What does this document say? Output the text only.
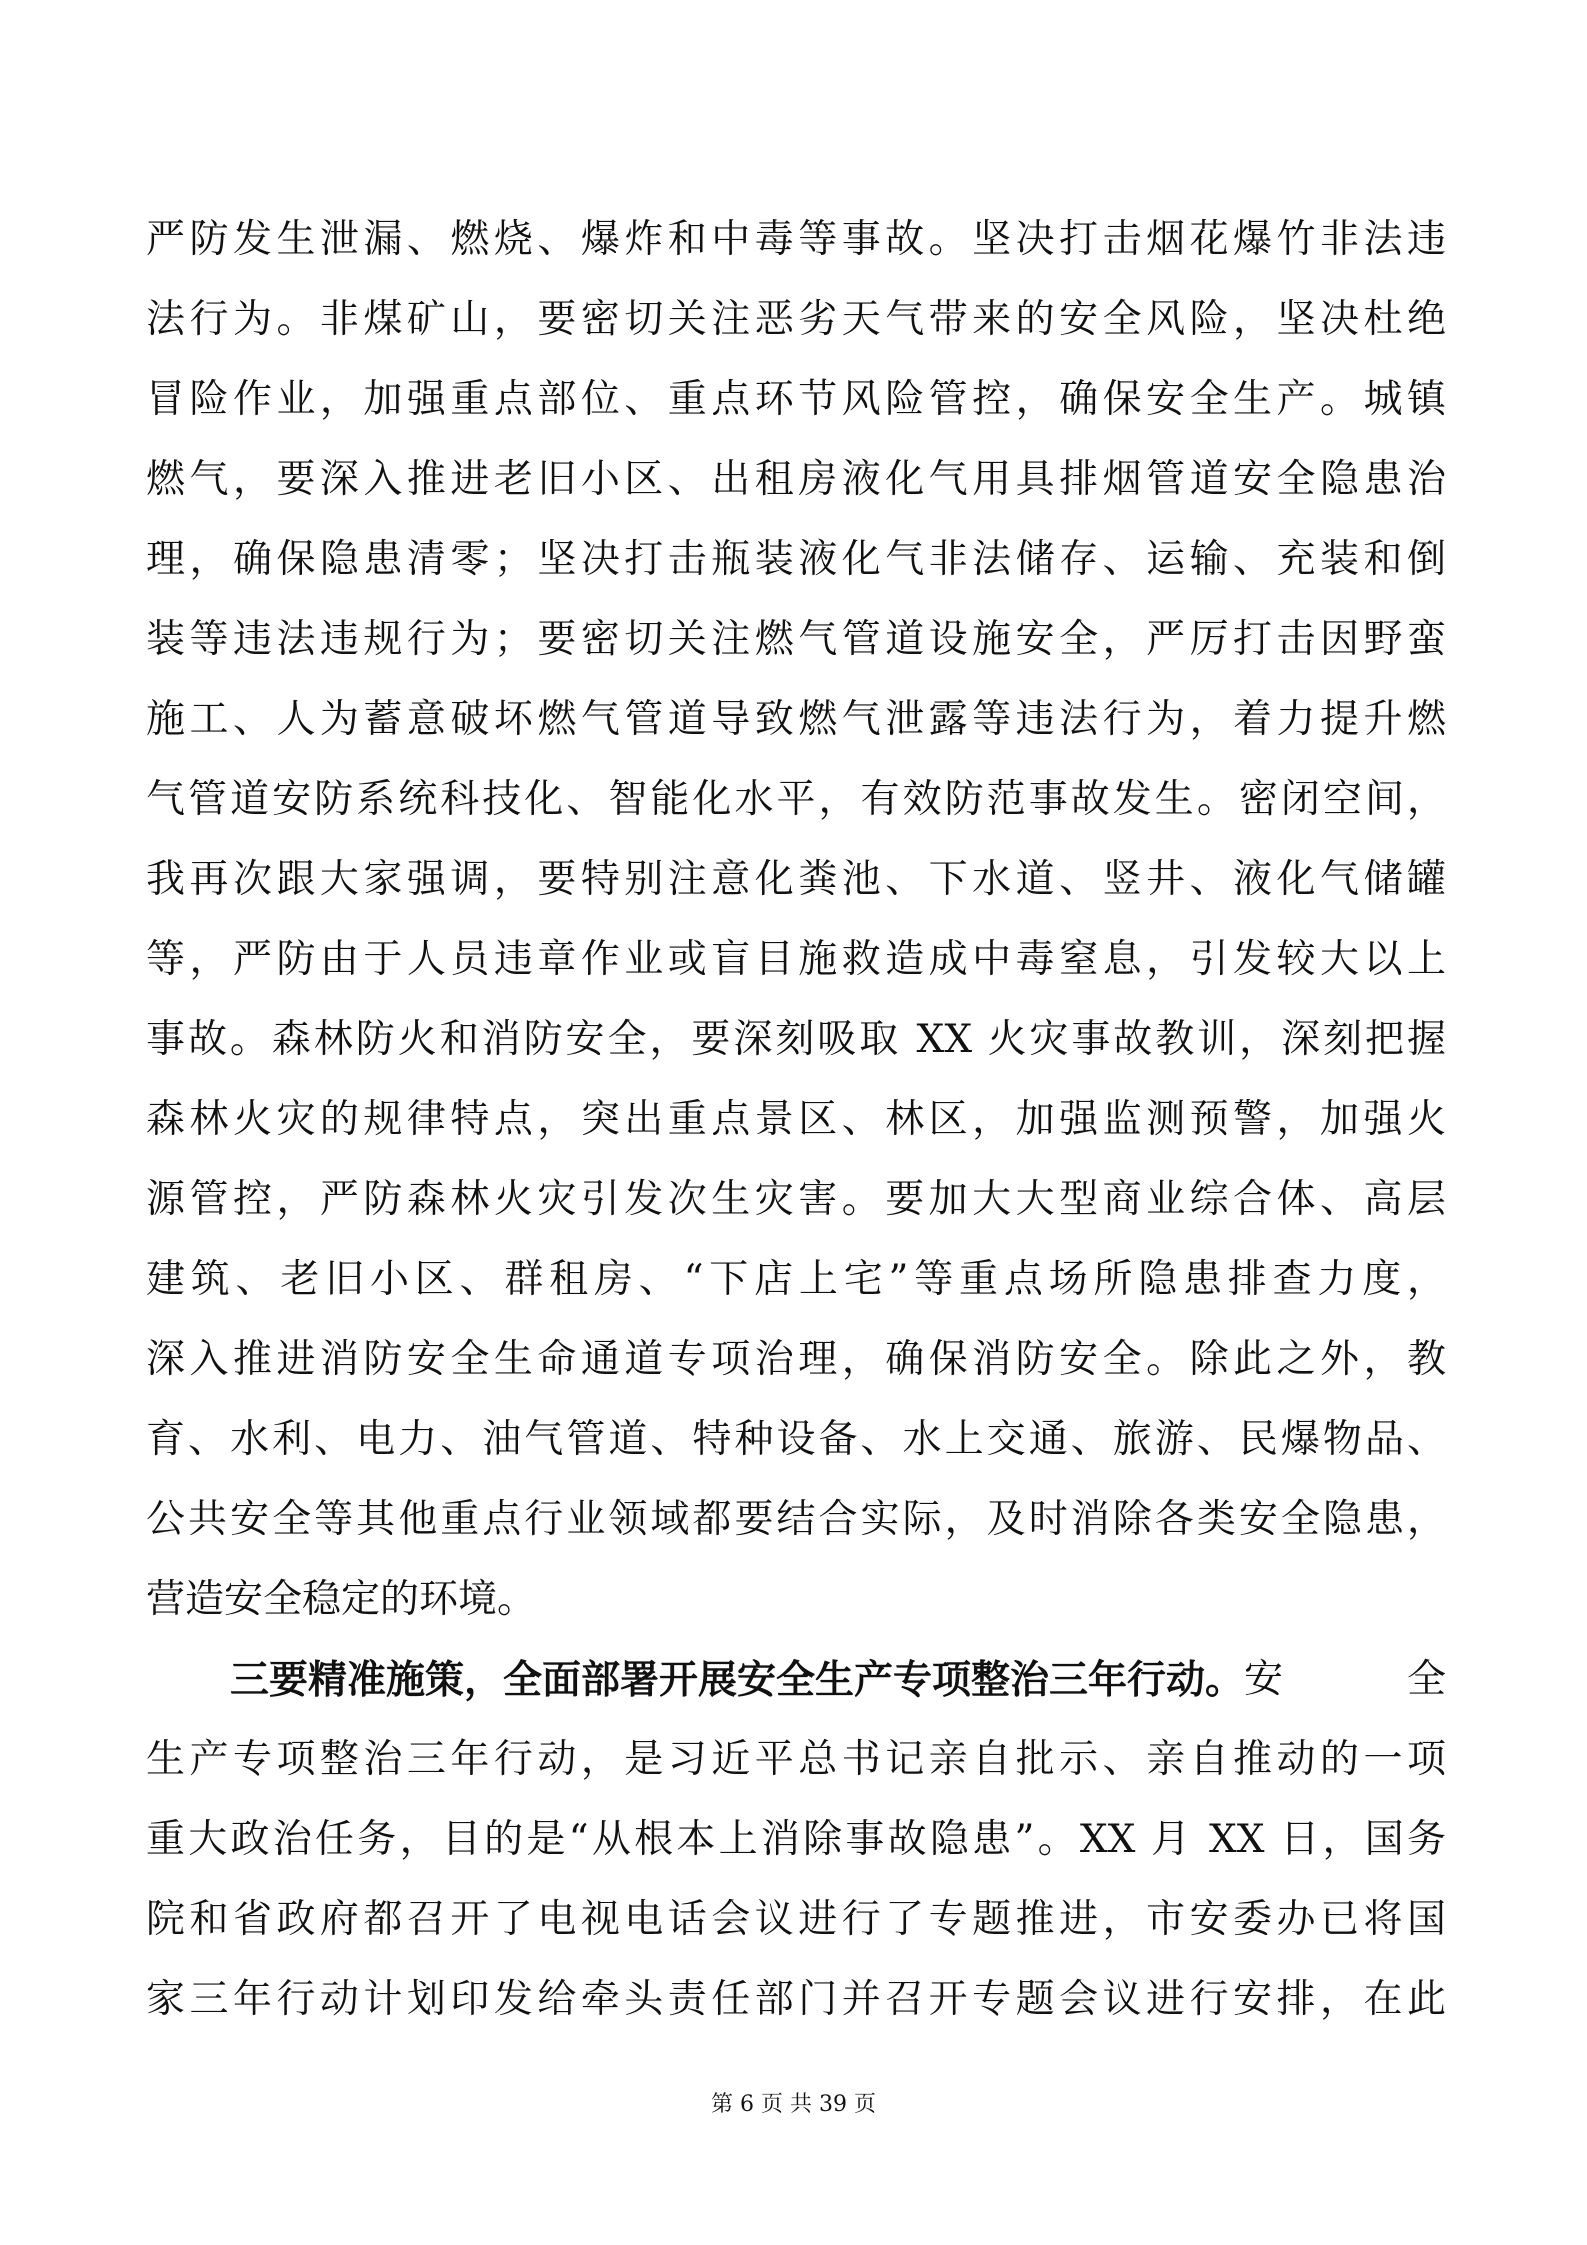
严防发生泄漏、燃烧、爆炸和中毒等事故。坚决打击烟花爆竹非法违
法行为。非煤矿山，要密切关注恶劣天气带来的安全风险，坚决杜绝
冒险作业，加强重点部位、重点环节风险管控，确保安全生产。城镇
燃气，要深入推进老旧小区、出租房液化气用具排烟管道安全隐患治
理，确保隐患清零；坚决打击瓶装液化气非法储存、运输、充装和倒
装等违法违规行为；要密切关注燃气管道设施安全，严厉打击因野蛮
施工、人为蓄意破坏燃气管道导致燃气泄露等违法行为，着力提升燃
气管道安防系统科技化、智能化水平，有效防范事故发生。密闭空间，
我再次跟大家强调，要特别注意化粪池、下水道、竖井、液化气储罐
等，严防由于人员违章作业或盲目施救造成中毒窒息，引发较大以上
事故。森林防火和消防安全，要深刻吸取 XX 火灾事故教训，深刻把握
森林火灾的规律特点，突出重点景区、林区，加强监测预警，加强火
源管控，严防森林火灾引发次生灾害。要加大大型商业综合体、高层
建筑、老旧小区、群租房、“下店上宅”等重点场所隐患排查力度，
深入推进消防安全生命通道专项治理，确保消防安全。除此之外，教
育、水利、电力、油气管道、特种设备、水上交通、旅游、民爆物品、
公共安全等其他重点行业领域都要结合实际，及时消除各类安全隐患，
营造安全稳定的环境。
三要精准施策，全面部署开展安全生产专项整治三年行动。 安全
生产专项整治三年行动，是习近平总书记亲自批示、亲自推动的一项
重大政治任务，目的是“从根本上消除事故隐患”。XX 月 XX 日，国务
院和省政府都召开了电视电话会议进行了专题推进，市安委办已将国
家三年行动计划印发给牵头责任部门并召开专题会议进行安排，在此
第 6 页 共 39 页
